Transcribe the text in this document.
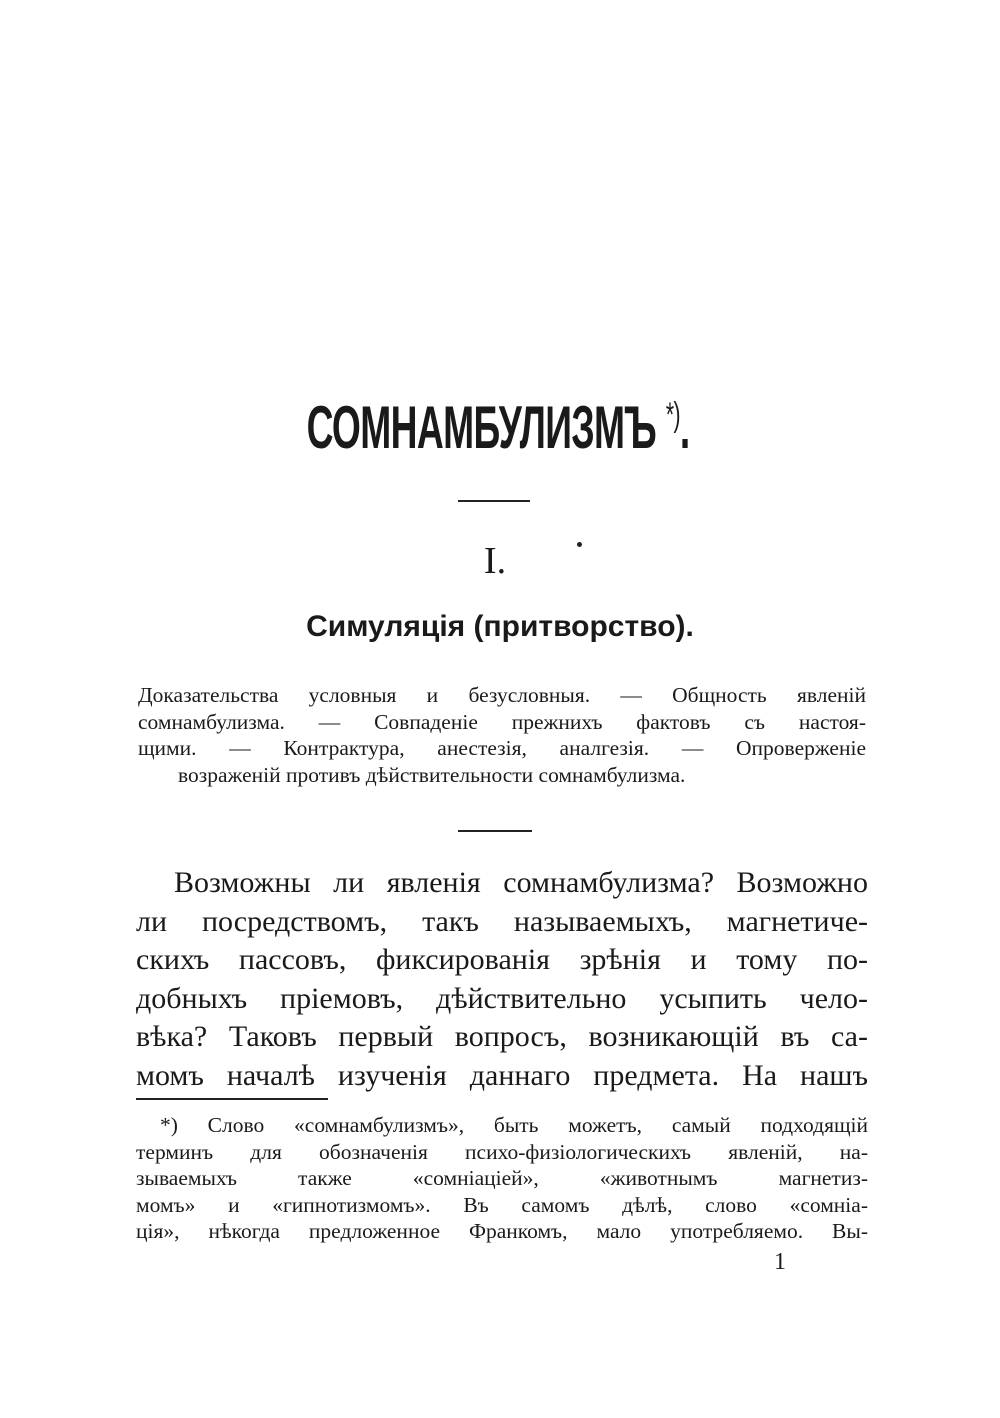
СОМНАМБУЛИЗМЪ *).
I.
Симуляцiя (притворство).
Доказательства условныя и безусловныя. — Общность явленiй
сомнамбулизма. — Совпаденiе прежнихъ фактовъ съ настоя-
щими. — Контрактура, анестезiя, аналгезiя. — Опроверженiе
возраженiй противъ дѣйствительности сомнамбулизма.
Возможны ли явленiя сомнамбулизма? Возможно
ли посредствомъ, такъ называемыхъ, магнетиче-
скихъ пассовъ, фиксированiя зрѣнiя и тому по-
добныхъ прiемовъ, дѣйствительно усыпить чело-
вѣка? Таковъ первый вопросъ, возникающiй въ са-
момъ началѣ изученiя даннаго предмета. На нашъ
*) Слово «сомнамбулизмъ», быть можетъ, самый подходящiй
терминъ для обозначенiя психо-физiологическихъ явленiй, на-
зываемыхъ также «сомнiацiей», «животнымъ магнетиз-
момъ» и «гипнотизмомъ». Въ самомъ дѣлѣ, слово «сомнiа-
цiя», нѣкогда предложенное Франкомъ, мало употребляемо. Вы-
1
